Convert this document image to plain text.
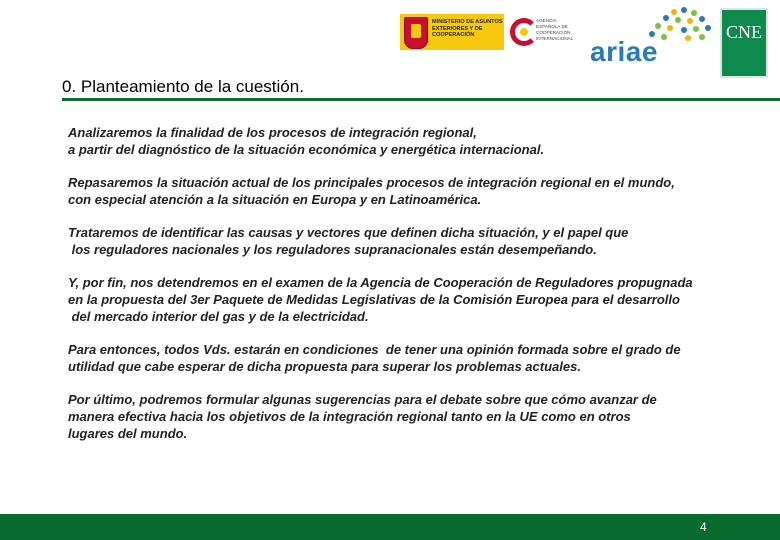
MINISTERIO DE ASUNTOS EXTERIORES Y DE COOPERACIÓN
AGENCIA ESPAÑOLA DE COOPERACIÓN INTERNACIONAL ariae
CNE
0. Planteamiento de la cuestión.

Analizaremos la finalidad de los procesos de integración regional,
a partir del diagnóstico de la situación económica y energética internacional.

Repasaremos la situación actual de los principales procesos de integración regional en el mundo,
con especial atención a la situación en Europa y en Latinoamérica.

Trataremos de identificar las causas y vectores que definen dicha situación, y el papel que
los reguladores nacionales y los reguladores supranacionales están desempeñando.

Y, por fin, nos detendremos en el examen de la Agencia de Cooperación de Reguladores propugnada
en la propuesta del 3er Paquete de Medidas Legislativas de la Comisión Europea para el desarrollo
del mercado interior del gas y de la electricidad.

Para entonces, todos Vds. estarán en condiciones  de tener una opinión formada sobre el grado de
utilidad que cabe esperar de dicha propuesta para superar los problemas actuales.

Por último, podremos formular algunas sugerencias para el debate sobre que cómo avanzar de
manera efectiva hacia los objetivos de la integración regional tanto en la UE como en otros
lugares del mundo.

4
